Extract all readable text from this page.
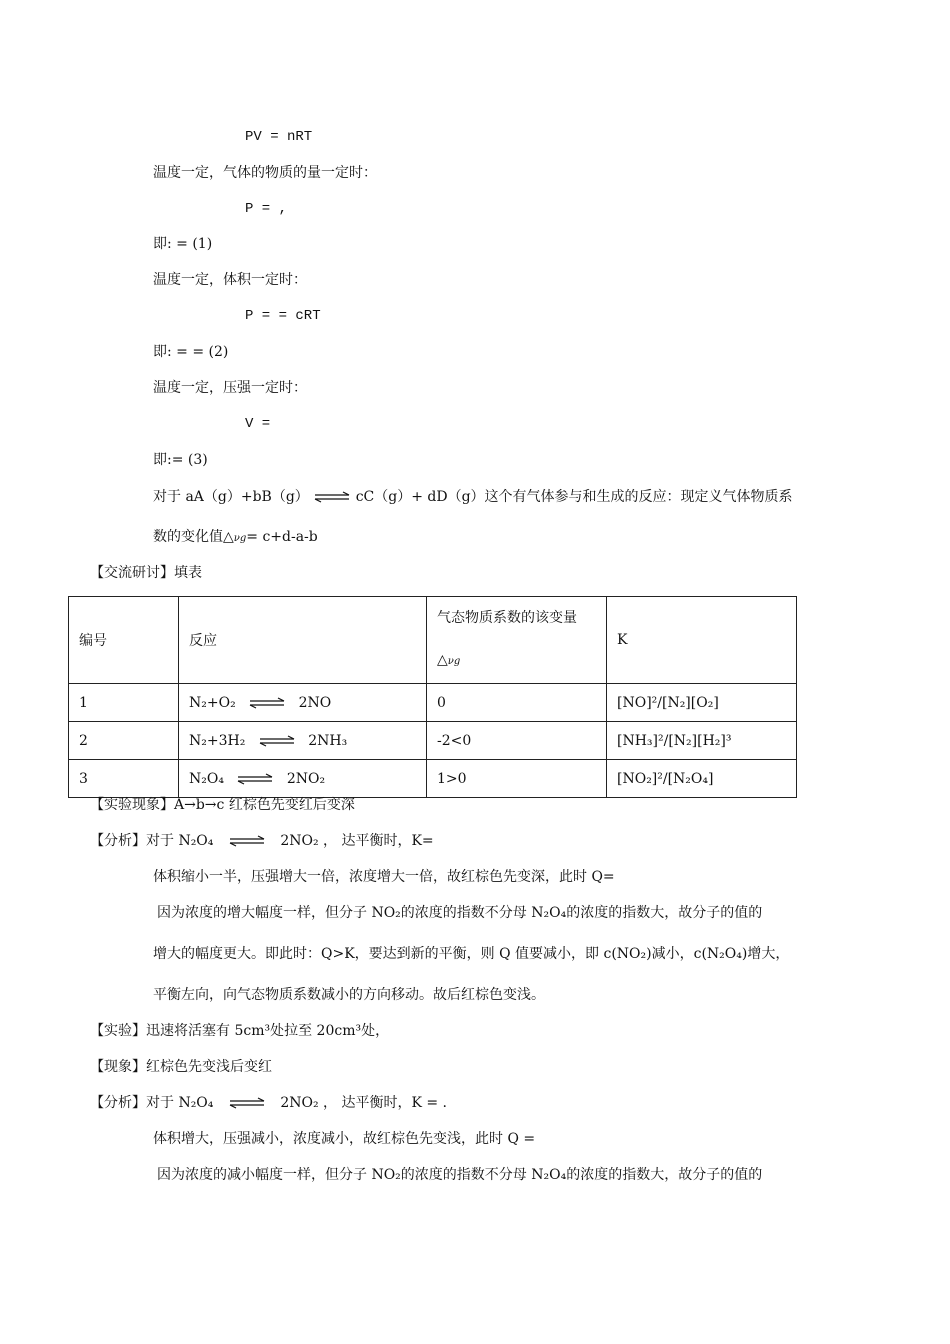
PV = nRT
温度一定，气体的物质的量一定时：
P = ,
即: = (1)
温度一定，体积一定时：
P = = cRT
即: = = (2)
温度一定，压强一定时：
V =
即:= (3)
对于 aA（g）+bB（g） ⇌ cC（g）+ dD（g）这个有气体参与和生成的反应：现定义气体物质系
数的变化值△νg= c+d-a-b
【交流研讨】填表
编号	反应	气态物质系数的该变量△νg	K
1	N₂+O₂ ⇌ 2NO	0	[NO]²/[N₂][O₂]
2	N₂+3H₂ ⇌ 2NH₃	-2<0	[NH₃]²/[N₂][H₂]³
3	N₂O₄ ⇌ 2NO₂	1>0	[NO₂]²/[N₂O₄]
【实验现象】A→b→c 红棕色先变红后变深
【分析】对于 N₂O₄ ⇌ 2NO₂ ， 达平衡时，K=
体积缩小一半，压强增大一倍，浓度增大一倍，故红棕色先变深，此时 Q=
因为浓度的增大幅度一样，但分子 NO₂的浓度的指数不分母 N₂O₄的浓度的指数大，故分子的值的
增大的幅度更大。即此时：Q>K，要达到新的平衡，则 Q 值要减小，即 c(NO₂)减小，c(N₂O₄)增大，
平衡左向，向气态物质系数减小的方向移动。故后红棕色变浅。
【实验】迅速将活塞有 5cm³处拉至 20cm³处，
【现象】红棕色先变浅后变红
【分析】对于 N₂O₄ ⇌ 2NO₂ ， 达平衡时，K = .
体积增大，压强减小，浓度减小，故红棕色先变浅，此时 Q =
因为浓度的减小幅度一样，但分子 NO₂的浓度的指数不分母 N₂O₄的浓度的指数大，故分子的值的
